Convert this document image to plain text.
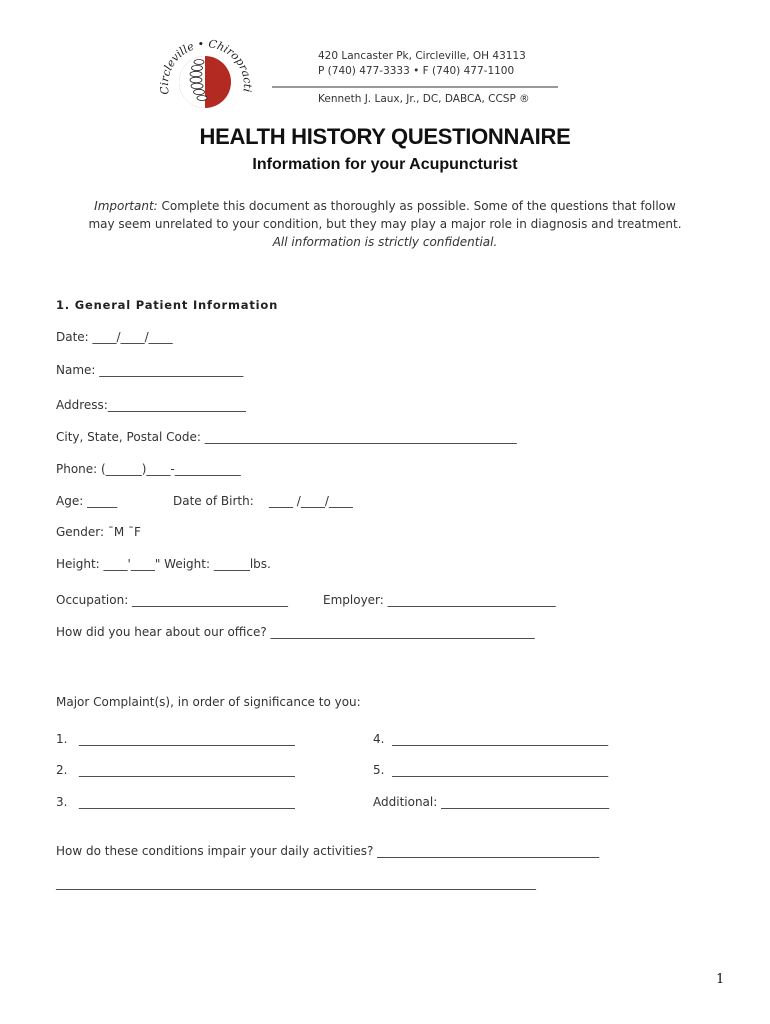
Circleville • Chiropracti
420 Lancaster Pk, Circleville, OH 43113
P (740) 477-3333 • F (740) 477-1100
Kenneth J. Laux, Jr., DC, DABCA, CCSP ®
HEALTH HISTORY QUESTIONNAIRE
Information for your Acupuncturist
Important: Complete this document as thoroughly as possible. Some of the questions that follow
may seem unrelated to your condition, but they may play a major role in diagnosis and treatment.
All information is strictly confidential.
1. General Patient Information
Date: ____/____/____
Name: ________________________
Address:_______________________
City, State, Postal Code: ____________________________________________________
Phone: (______)____-___________
Age: _____	Date of Birth:    ____ /____/____
Gender: ¯M ¯F
Height: ____'____" Weight: ______lbs.
Occupation: __________________________	Employer: ____________________________
How did you hear about our office? ____________________________________________
Major Complaint(s), in order of significance to you:
1.   ____________________________________
2.   ____________________________________
3.   ____________________________________
4.  ____________________________________
5.  ____________________________________
Additional: ____________________________
How do these conditions impair your daily activities? _____________________________________
________________________________________________________________________________
1
